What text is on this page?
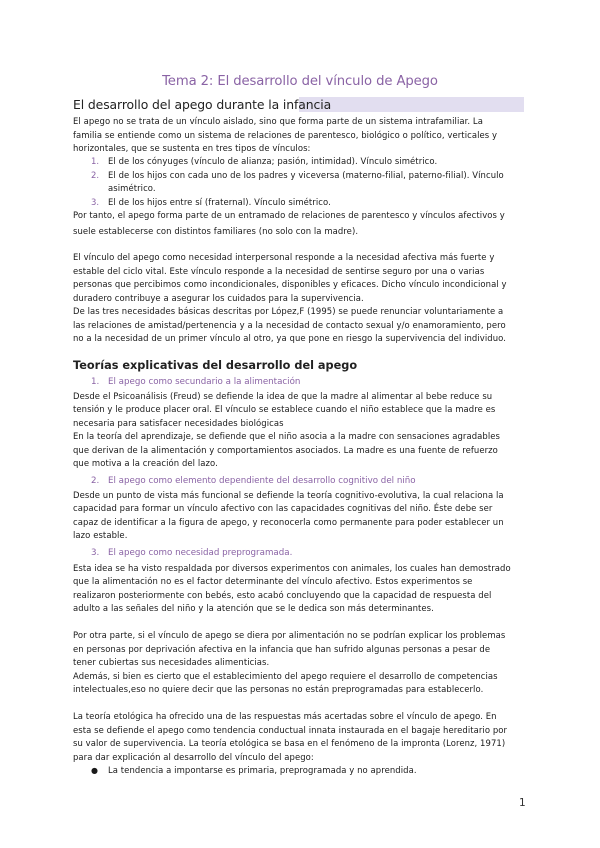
Tema 2: El desarrollo del vínculo de Apego
El desarrollo del apego durante la infancia
El apego no se trata de un vínculo aislado, sino que forma parte de un sistema intrafamiliar. La
familia se entiende como un sistema de relaciones de parentesco, biológico o político, verticales y
horizontales, que se sustenta en tres tipos de vínculos:
1. El de los cónyuges (vínculo de alianza; pasión, intimidad). Vínculo simétrico.
2. El de los hijos con cada uno de los padres y viceversa (materno-filial, paterno-filial). Vínculo
asimétrico.
3. El de los hijos entre sí (fraternal). Vínculo simétrico.
Por tanto, el apego forma parte de un entramado de relaciones de parentesco y vínculos afectivos y
suele establecerse con distintos familiares (no solo con la madre).
El vínculo del apego como necesidad interpersonal responde a la necesidad afectiva más fuerte y
estable del ciclo vital. Este vínculo responde a la necesidad de sentirse seguro por una o varias
personas que percibimos como incondicionales, disponibles y eficaces. Dicho vínculo incondicional y
duradero contribuye a asegurar los cuidados para la supervivencia.
De las tres necesidades básicas descritas por López,F (1995) se puede renunciar voluntariamente a
las relaciones de amistad/pertenencia y a la necesidad de contacto sexual y/o enamoramiento, pero
no a la necesidad de un primer vínculo al otro, ya que pone en riesgo la supervivencia del individuo.
Teorías explicativas del desarrollo del apego
1. El apego como secundario a la alimentación
Desde el Psicoanálisis (Freud) se defiende la idea de que la madre al alimentar al bebe reduce su
tensión y le produce placer oral. El vínculo se establece cuando el niño establece que la madre es
necesaria para satisfacer necesidades biológicas
En la teoría del aprendizaje, se defiende que el niño asocia a la madre con sensaciones agradables
que derivan de la alimentación y comportamientos asociados. La madre es una fuente de refuerzo
que motiva a la creación del lazo.
2. El apego como elemento dependiente del desarrollo cognitivo del niño
Desde un punto de vista más funcional se defiende la teoría cognitivo-evolutiva, la cual relaciona la
capacidad para formar un vínculo afectivo con las capacidades cognitivas del niño. Éste debe ser
capaz de identificar a la figura de apego, y reconocerla como permanente para poder establecer un
lazo estable.
3. El apego como necesidad preprogramada.
Esta idea se ha visto respaldada por diversos experimentos con animales, los cuales han demostrado
que la alimentación no es el factor determinante del vínculo afectivo. Estos experimentos se
realizaron posteriormente con bebés, esto acabó concluyendo que la capacidad de respuesta del
adulto a las señales del niño y la atención que se le dedica son más determinantes.
Por otra parte, si el vínculo de apego se diera por alimentación no se podrían explicar los problemas
en personas por deprivación afectiva en la infancia que han sufrido algunas personas a pesar de
tener cubiertas sus necesidades alimenticias.
Además, si bien es cierto que el establecimiento del apego requiere el desarrollo de competencias
intelectuales,eso no quiere decir que las personas no están preprogramadas para establecerlo.
La teoría etológica ha ofrecido una de las respuestas más acertadas sobre el vínculo de apego. En
esta se defiende el apego como tendencia conductual innata instaurada en el bagaje hereditario por
su valor de supervivencia. La teoría etológica se basa en el fenómeno de la impronta (Lorenz, 1971)
para dar explicación al desarrollo del vínculo del apego:
● La tendencia a impontarse es primaria, preprogramada y no aprendida.
1
